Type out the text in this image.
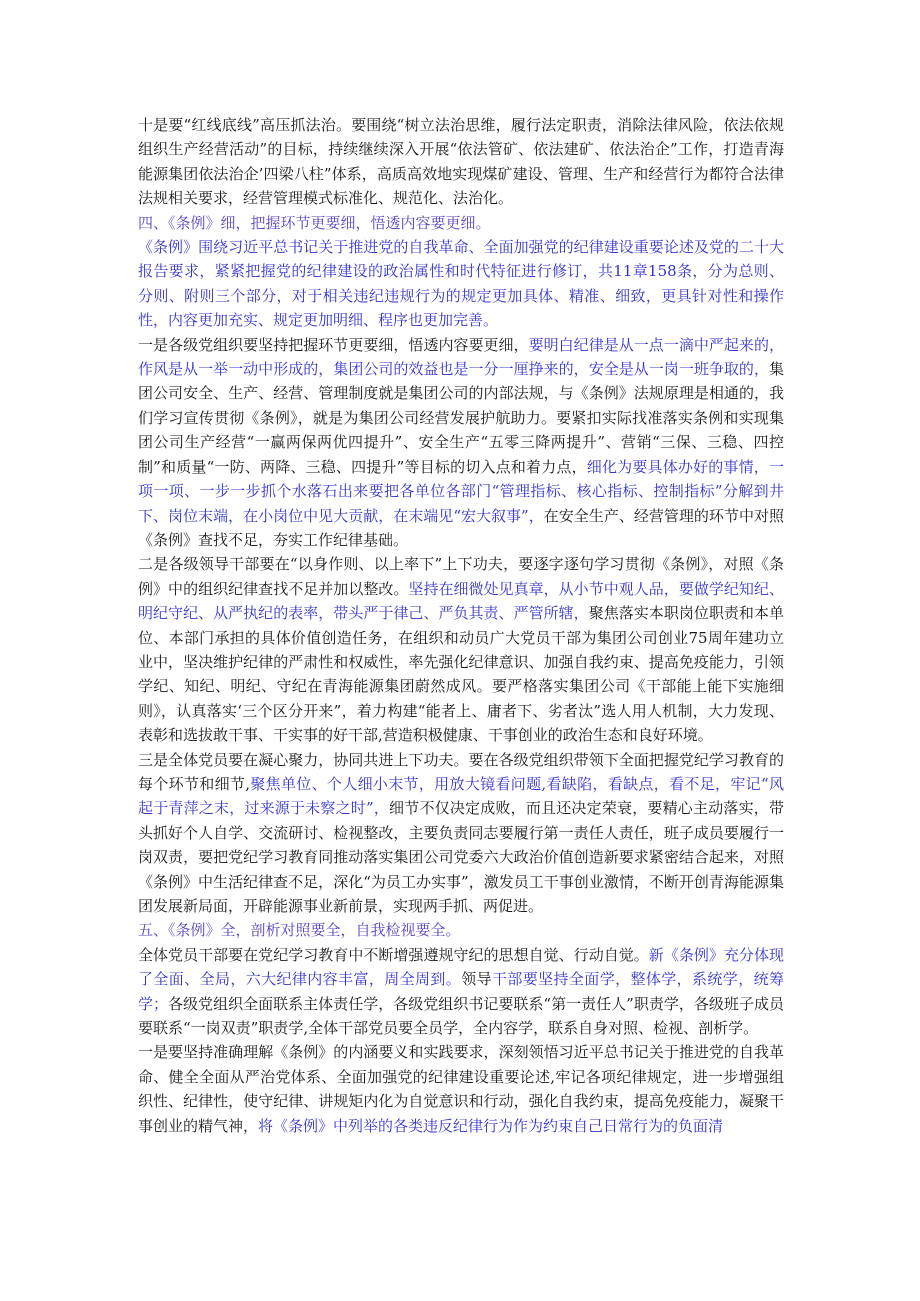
十是要“红线底线”高压抓法治。要围绕“树立法治思维，履行法定职责，消除法律风险，依法依规组织生产经营活动”的目标，持续继续深入开展“依法管矿、依法建矿、依法治企”工作，打造青海能源集团依法治企’四梁八柱”体系，高质高效地实现煤矿建设、管理、生产和经营行为都符合法律法规相关要求，经营管理模式标准化、规范化、法治化。

四、《条例》细，把握环节更要细，悟透内容要更细。

《条例》围绕习近平总书记关于推进党的自我革命、全面加强党的纪律建设重要论述及党的二十大报告要求，紧紧把握党的纪律建设的政治属性和时代特征进行修订，共11章158条，分为总则、分则、附则三个部分，对于相关违纪违规行为的规定更加具体、精准、细致，更具针对性和操作性，内容更加充实、规定更加明细、程序也更加完善。

一是各级党组织要坚持把握环节更要细，悟透内容要更细，要明白纪律是从一点一滴中严起来的，作风是从一举一动中形成的，集团公司的效益也是一分一厘挣来的，安全是从一岗一班争取的，集团公司安全、生产、经营、管理制度就是集团公司的内部法规，与《条例》法规原理是相通的，我们学习宣传贯彻《条例》，就是为集团公司经营发展护航助力。要紧扣实际找准落实条例和实现集团公司生产经营“一赢两保两优四提升”、安全生产“五零三降两提升”、营销“三保、三稳、四控制”和质量“一防、两降、三稳、四提升”等目标的切入点和着力点，细化为要具体办好的事情，一项一项、一步一步抓个水落石出来要把各单位各部门“管理指标、核心指标、控制指标”分解到井下、岗位末端，在小岗位中见大贡献，在末端见“宏大叙事”，在安全生产、经营管理的环节中对照《条例》查找不足，夯实工作纪律基础。

二是各级领导干部要在“以身作则、以上率下”上下功夫，要逐字逐句学习贯彻《条例》，对照《条例》中的组织纪律查找不足并加以整改。坚持在细微处见真章，从小节中观人品，要做学纪知纪、明纪守纪、从严执纪的表率，带头严于律己、严负其责、严管所辖，聚焦落实本职岗位职责和本单位、本部门承担的具体价值创造任务，在组织和动员广大党员干部为集团公司创业75周年建功立业中，坚决维护纪律的严肃性和权威性，率先强化纪律意识、加强自我约束、提高免疫能力，引领学纪、知纪、明纪、守纪在青海能源集团蔚然成风。要严格落实集团公司《干部能上能下实施细则》，认真落实‘三个区分开来”，着力构建“能者上、庸者下、劣者汰”选人用人机制，大力发现、表彰和选拔敢干事、干实事的好干部,营造积极健康、干事创业的政治生态和良好环境。

三是全体党员要在凝心聚力，协同共进上下功夫。要在各级党组织带领下全面把握党纪学习教育的每个环节和细节,聚焦单位、个人细小末节，用放大镜看问题,看缺陷，看缺点，看不足，牢记“风起于青萍之末，过来源于未察之时”，细节不仅决定成败，而且还决定荣衰，要精心主动落实，带头抓好个人自学、交流研讨、检视整改，主要负责同志要履行第一责任人责任，班子成员要履行一岗双责，要把党纪学习教育同推动落实集团公司党委六大政治价值创造新要求紧密结合起来，对照《条例》中生活纪律查不足，深化“为员工办实事”，激发员工干事创业激情，不断开创青海能源集团发展新局面，开辟能源事业新前景，实现两手抓、两促进。

五、《条例》全，剖析对照要全，自我检视要全。

全体党员干部要在党纪学习教育中不断增强遵规守纪的思想自觉、行动自觉。新《条例》充分体现了全面、全局，六大纪律内容丰富，周全周到。领导干部要坚持全面学，整体学，系统学，统筹学；各级党组织全面联系主体责任学，各级党组织书记要联系“第一责任人”职责学，各级班子成员要联系“一岗双责”职责学,全体干部党员要全员学，全内容学，联系自身对照、检视、剖析学。

一是要坚持准确理解《条例》的内涵要义和实践要求，深刻领悟习近平总书记关于推进党的自我革命、健全全面从严治党体系、全面加强党的纪律建设重要论述,牢记各项纪律规定，进一步增强组织性、纪律性，使守纪律、讲规矩内化为自觉意识和行动，强化自我约束，提高免疫能力，凝聚干事创业的精气神，将《条例》中列举的各类违反纪律行为作为约束自己日常行为的负面清
